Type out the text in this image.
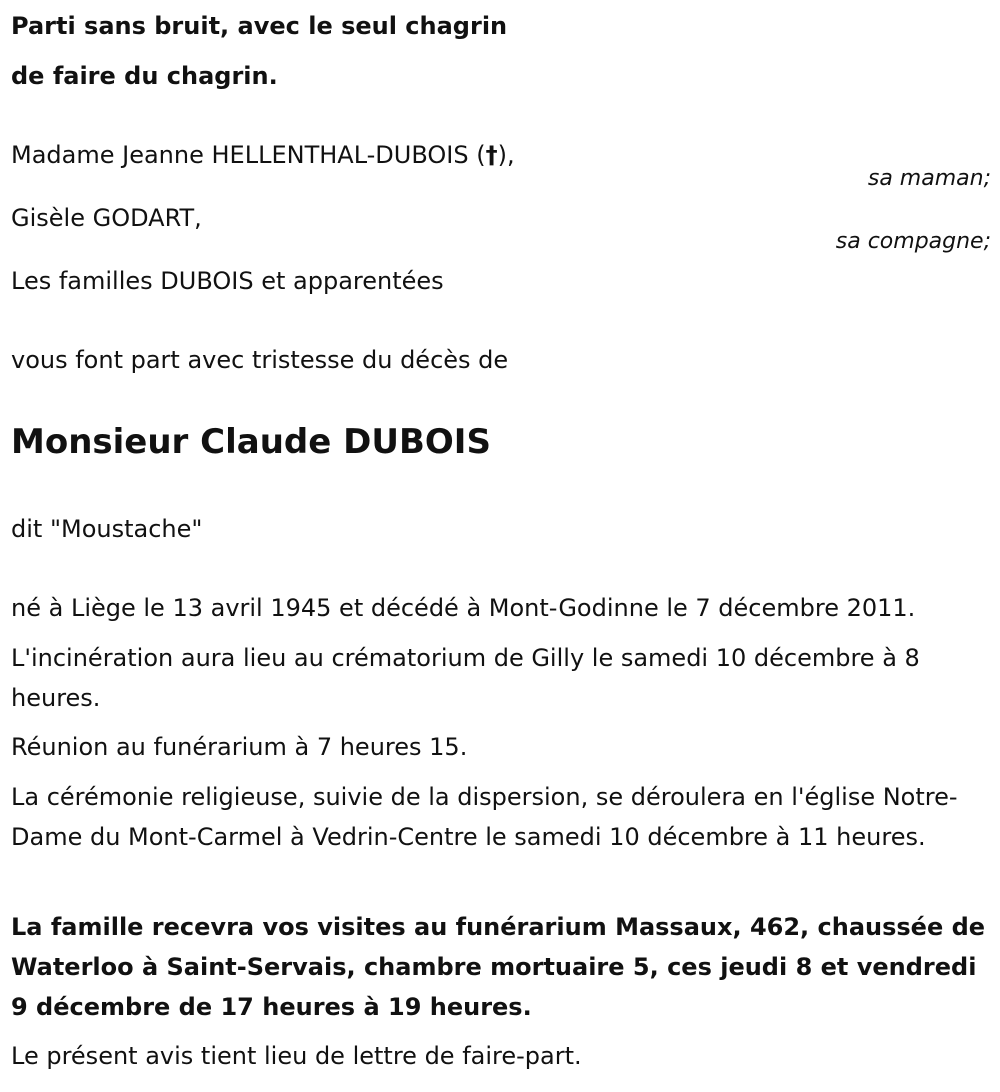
Parti sans bruit, avec le seul chagrin

de faire du chagrin.

Madame Jeanne HELLENTHAL-DUBOIS (†),

sa maman;

Gisèle GODART,

sa compagne;

Les familles DUBOIS et apparentées

vous font part avec tristesse du décès de

Monsieur Claude DUBOIS

dit "Moustache"

né à Liège le 13 avril 1945 et décédé à Mont-Godinne le 7 décembre 2011.

L'incinération aura lieu au crématorium de Gilly le samedi 10 décembre à 8 heures.

Réunion au funérarium à 7 heures 15.

La cérémonie religieuse, suivie de la dispersion, se déroulera en l'église Notre-Dame du Mont-Carmel à Vedrin-Centre le samedi 10 décembre à 11 heures.

La famille recevra vos visites au funérarium Massaux, 462, chaussée de Waterloo à Saint-Servais, chambre mortuaire 5, ces jeudi 8 et vendredi 9 décembre de 17 heures à 19 heures.

Le présent avis tient lieu de lettre de faire-part.
